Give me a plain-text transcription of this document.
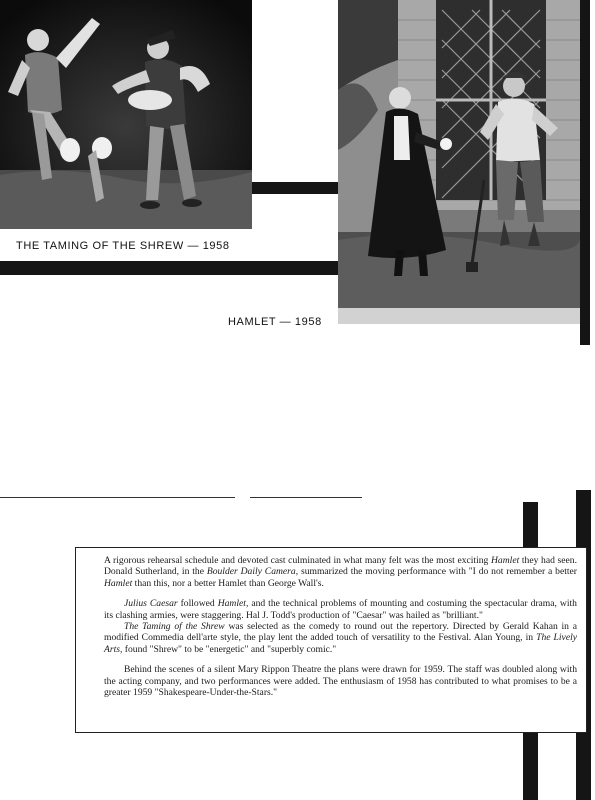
THE TAMING OF THE SHREW — 1958
HAMLET — 1958

A rigorous rehearsal schedule and devoted cast culminated in what many felt was the most exciting Hamlet they had seen. Donald Sutherland, in the Boulder Daily Camera, summarized the moving performance with "I do not remember a better Hamlet than this, nor a better Hamlet than George Wall's.

Julius Caesar followed Hamlet, and the technical problems of mounting and costuming the spectacular drama, with its clashing armies, were staggering. Hal J. Todd's production of "Caesar" was hailed as "brilliant."

The Taming of the Shrew was selected as the comedy to round out the repertory. Directed by Gerald Kahan in a modified Commedia dell'arte style, the play lent the added touch of versatility to the Festival. Alan Young, in The Lively Arts, found "Shrew" to be "energetic" and "superbly comic."

Behind the scenes of a silent Mary Rippon Theatre the plans were drawn for 1959. The staff was doubled along with the acting company, and two performances were added. The enthusiasm of 1958 has contributed to what promises to be a greater 1959 "Shakespeare-Under-the-Stars."
